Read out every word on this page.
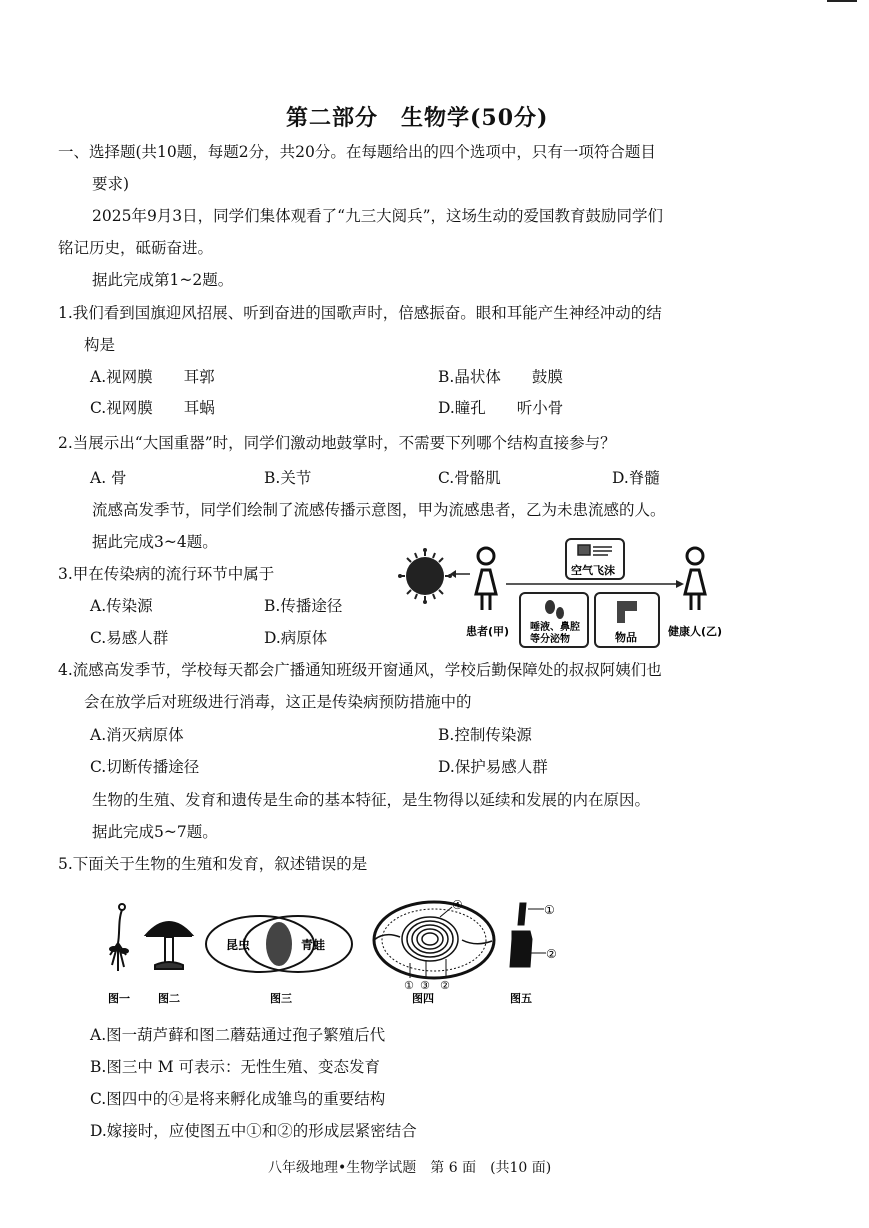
第二部分　生物学(50分)
一、选择题(共10题，每题2分，共20分。在每题给出的四个选项中，只有一项符合题目
要求)
2025年9月3日，同学们集体观看了“九三大阅兵”，这场生动的爱国教育鼓励同学们
铭记历史，砥砺奋进。
据此完成第1~2题。
1.我们看到国旗迎风招展、听到奋进的国歌声时，倍感振奋。眼和耳能产生神经冲动的结
构是
A.视网膜　　耳郭	B.晶状体　　鼓膜
C.视网膜　　耳蜗	D.瞳孔　　听小骨
2.当展示出“大国重器”时，同学们激动地鼓掌时，不需要下列哪个结构直接参与？
A. 骨	B.关节	C.骨骼肌	D.脊髓
流感高发季节，同学们绘制了流感传播示意图，甲为流感患者，乙为未患流感的人。
据此完成3~4题。
3.甲在传染病的流行环节中属于
A.传染源	B.传播途径
C.易感人群	D.病原体	患者(甲)
空气飞沫
唾液、鼻腔
等分泌物	物品	健康人(乙)
4.流感高发季节，学校每天都会广播通知班级开窗通风，学校后勤保障处的叔叔阿姨们也
会在放学后对班级进行消毒，这正是传染病预防措施中的
A.消灭病原体	B.控制传染源
C.切断传播途径	D.保护易感人群
生物的生殖、发育和遗传是生命的基本特征，是生物得以延续和发展的内在原因。
据此完成5~7题。
5.下面关于生物的生殖和发育，叙述错误的是
图一	图二
昆虫	青蛙
图三
④
① ③ ②
图四
①
②
图五
A.图一葫芦藓和图二蘑菇通过孢子繁殖后代
B.图三中 M 可表示：无性生殖、变态发育
C.图四中的④是将来孵化成雏鸟的重要结构
D.嫁接时，应使图五中①和②的形成层紧密结合
八年级地理•生物学试题　第 6 面　(共10 面)
